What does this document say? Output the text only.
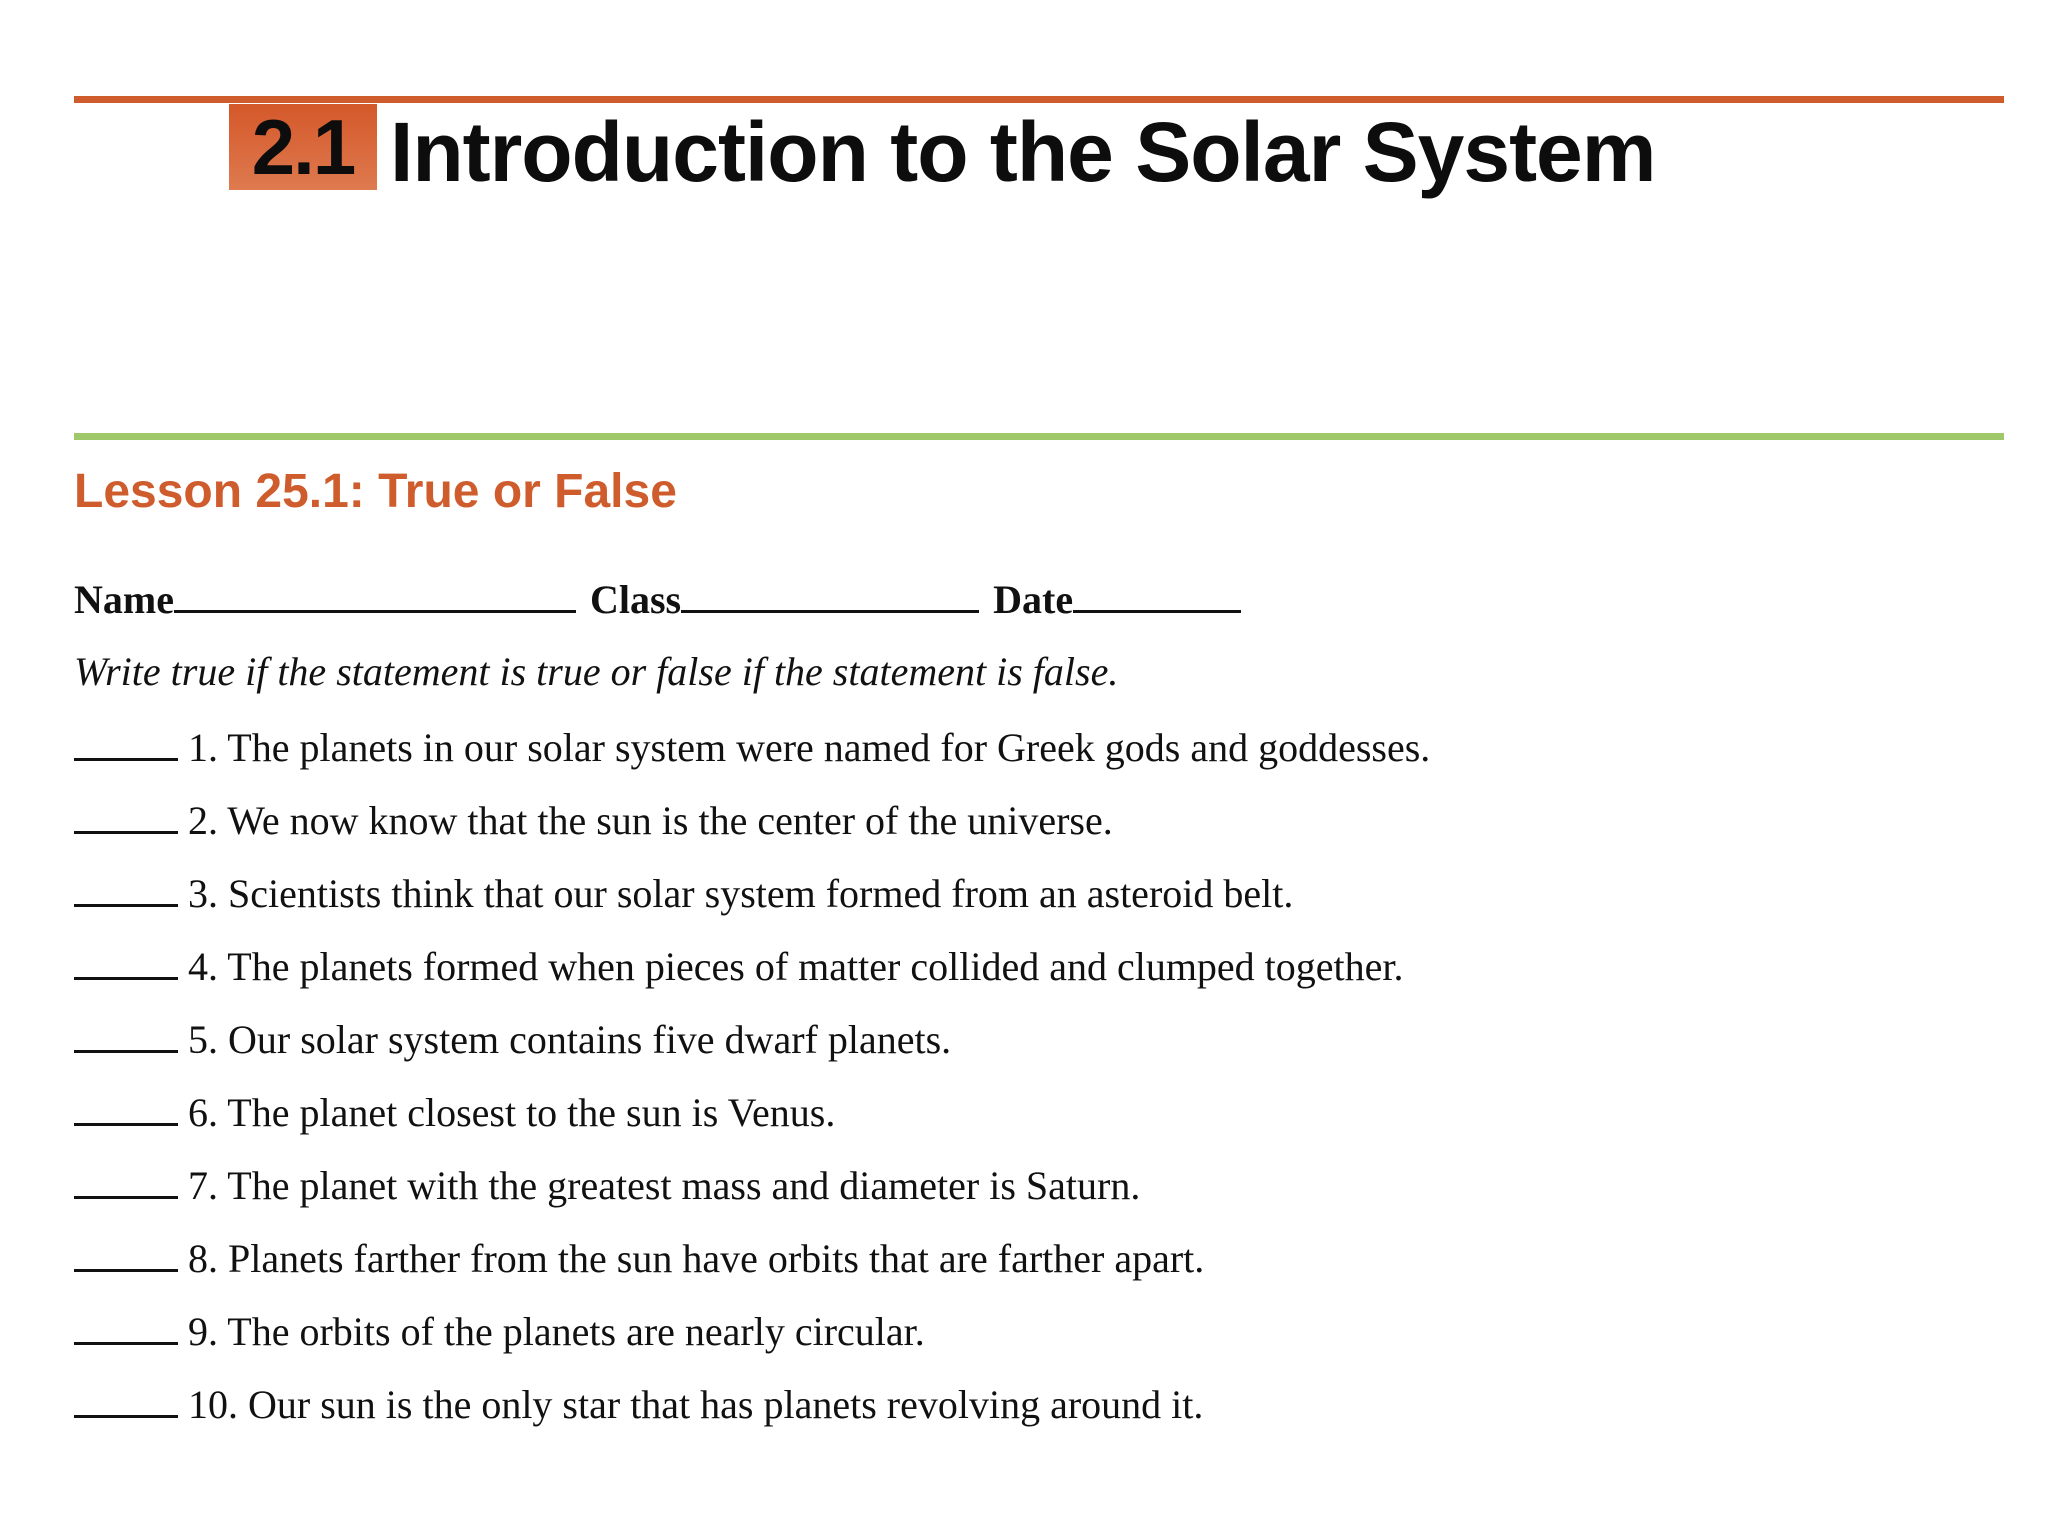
2.1 Introduction to the Solar System
Lesson 25.1: True or False
Name	Class	Date
Write true if the statement is true or false if the statement is false.
1. The planets in our solar system were named for Greek gods and goddesses.
2. We now know that the sun is the center of the universe.
3. Scientists think that our solar system formed from an asteroid belt.
4. The planets formed when pieces of matter collided and clumped together.
5. Our solar system contains five dwarf planets.
6. The planet closest to the sun is Venus.
7. The planet with the greatest mass and diameter is Saturn.
8. Planets farther from the sun have orbits that are farther apart.
9. The orbits of the planets are nearly circular.
10. Our sun is the only star that has planets revolving around it.
